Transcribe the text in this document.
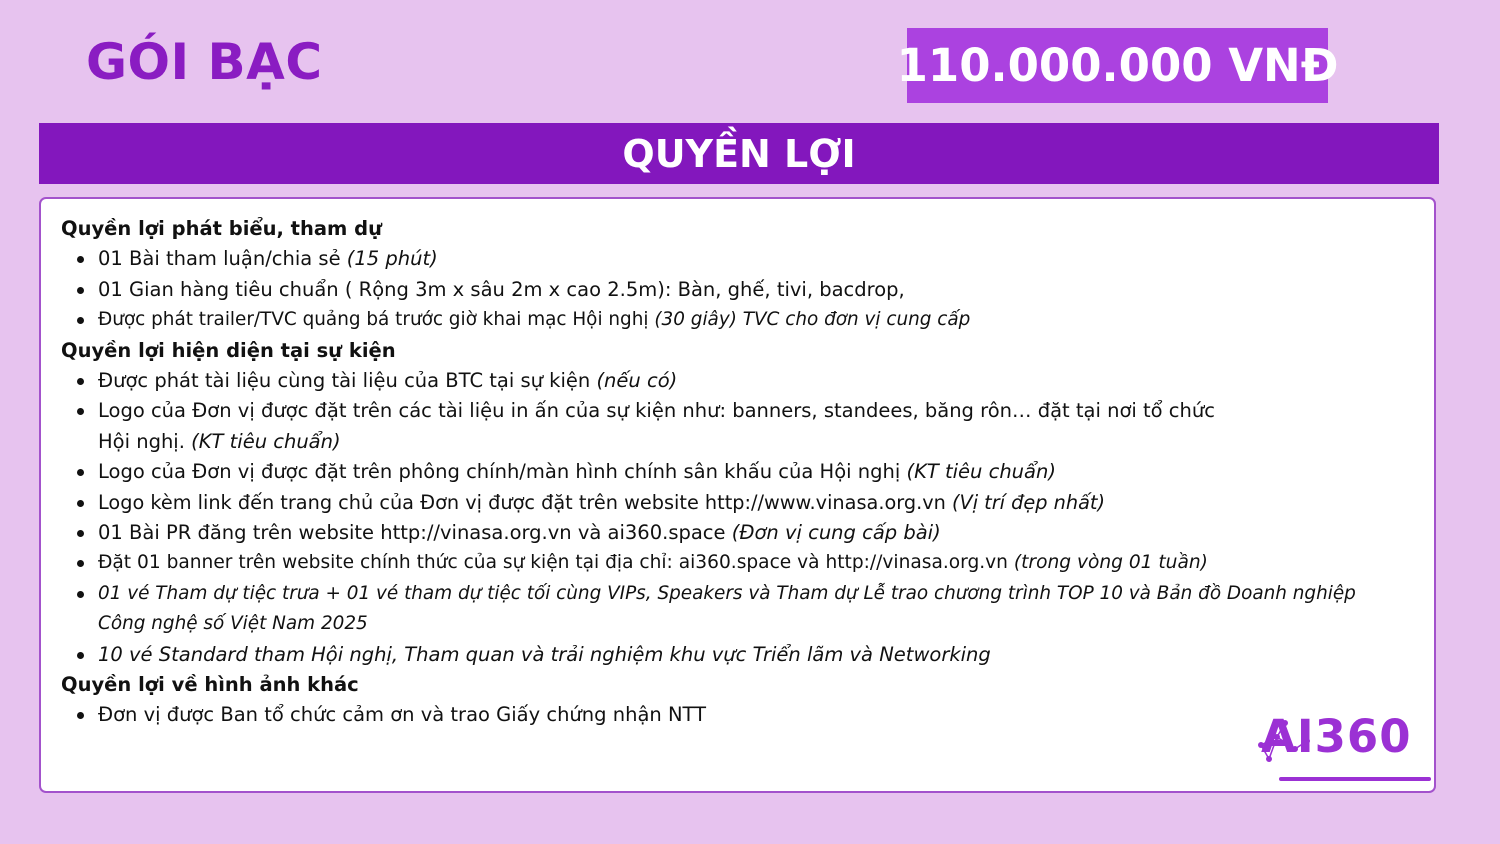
GÓI BẠC	110.000.000 VNĐ
QUYỀN LỢI
Quyền lợi phát biểu, tham dự
01 Bài tham luận/chia sẻ (15 phút)
01 Gian hàng tiêu chuẩn ( Rộng 3m x sâu 2m x cao 2.5m): Bàn, ghế, tivi, bacdrop,
Được phát trailer/TVC quảng bá trước giờ khai mạc Hội nghị (30 giây) TVC cho đơn vị cung cấp
Quyền lợi hiện diện tại sự kiện
Được phát tài liệu cùng tài liệu của BTC tại sự kiện (nếu có)
Logo của Đơn vị được đặt trên các tài liệu in ấn của sự kiện như: banners, standees, băng rôn… đặt tại nơi tổ chức
Hội nghị. (KT tiêu chuẩn)
Logo của Đơn vị được đặt trên phông chính/màn hình chính sân khấu của Hội nghị (KT tiêu chuẩn)
Logo kèm link đến trang chủ của Đơn vị được đặt trên website http://www.vinasa.org.vn (Vị trí đẹp nhất)
01 Bài PR đăng trên website http://vinasa.org.vn và ai360.space (Đơn vị cung cấp bài)
Đặt 01 banner trên website chính thức của sự kiện tại địa chỉ: ai360.space và http://vinasa.org.vn (trong vòng 01 tuần)
01 vé Tham dự tiệc trưa + 01 vé tham dự tiệc tối cùng VIPs, Speakers và Tham dự Lễ trao chương trình TOP 10 và Bản đồ Doanh nghiệp
Công nghệ số Việt Nam 2025
10 vé Standard tham Hội nghị, Tham quan và trải nghiệm khu vực Triển lãm và Networking
Quyền lợi về hình ảnh khác
Đơn vị được Ban tổ chức cảm ơn và trao Giấy chứng nhận NTT	AI360
